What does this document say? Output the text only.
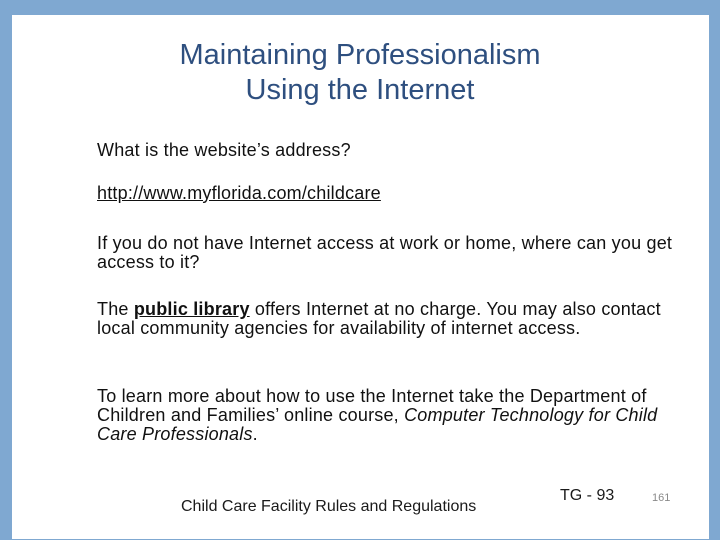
Maintaining Professionalism
Using the Internet
What is the website’s address?
http://www.myflorida.com/childcare
If you do not have Internet access at work or home, where can you get access to it?
The public library offers Internet at no charge. You may also contact local community agencies for availability of internet access.
To learn more about how to use the Internet take the Department of Children and Families’ online course, Computer Technology for Child Care Professionals.
Child Care Facility Rules and Regulations
TG - 93	161
